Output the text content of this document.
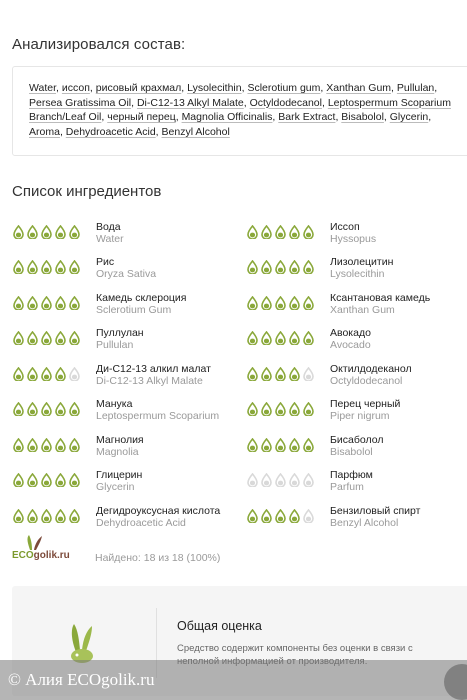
Анализировался состав:
Water, иссоп, рисовый крахмал, Lysolecithin, Sclerotium gum, Xanthan Gum, Pullulan, Persea Gratissima Oil, Di-C12-13 Alkyl Malate, Octyldodecanol, Leptospermum Scoparium Branch/Leaf Oil, черный перец, Magnolia Officinalis, Bark Extract, Bisabolol, Glycerin, Aroma, Dehydroacetic Acid, Benzyl Alcohol
Список ингредиентов
Вода
Water
Рис
Oryza Sativa
Камедь склероция
Sclerotium Gum
Пуллулан
Pullulan
Ди-С12-13 алкил малат
Di-C12-13 Alkyl Malate
Манука
Leptospermum Scoparium
Магнолия
Magnolia
Глицерин
Glycerin
Дегидроуксусная кислота
Dehydroacetic Acid
Иссоп
Hyssopus
Лизолецитин
Lysolecithin
Ксантановая камедь
Xanthan Gum
Авокадо
Avocado
Октилдодеканол
Octyldodecanol
Перец черный
Piper nigrum
Бисаболол
Bisabolol
Парфюм
Parfum
Бензиловый спирт
Benzyl Alcohol
ECOgolik.ru Найдено: 18 из 18 (100%)
Общая оценка
Средство содержит компоненты без оценки в связи с
© Алия ECOgolik.ru
